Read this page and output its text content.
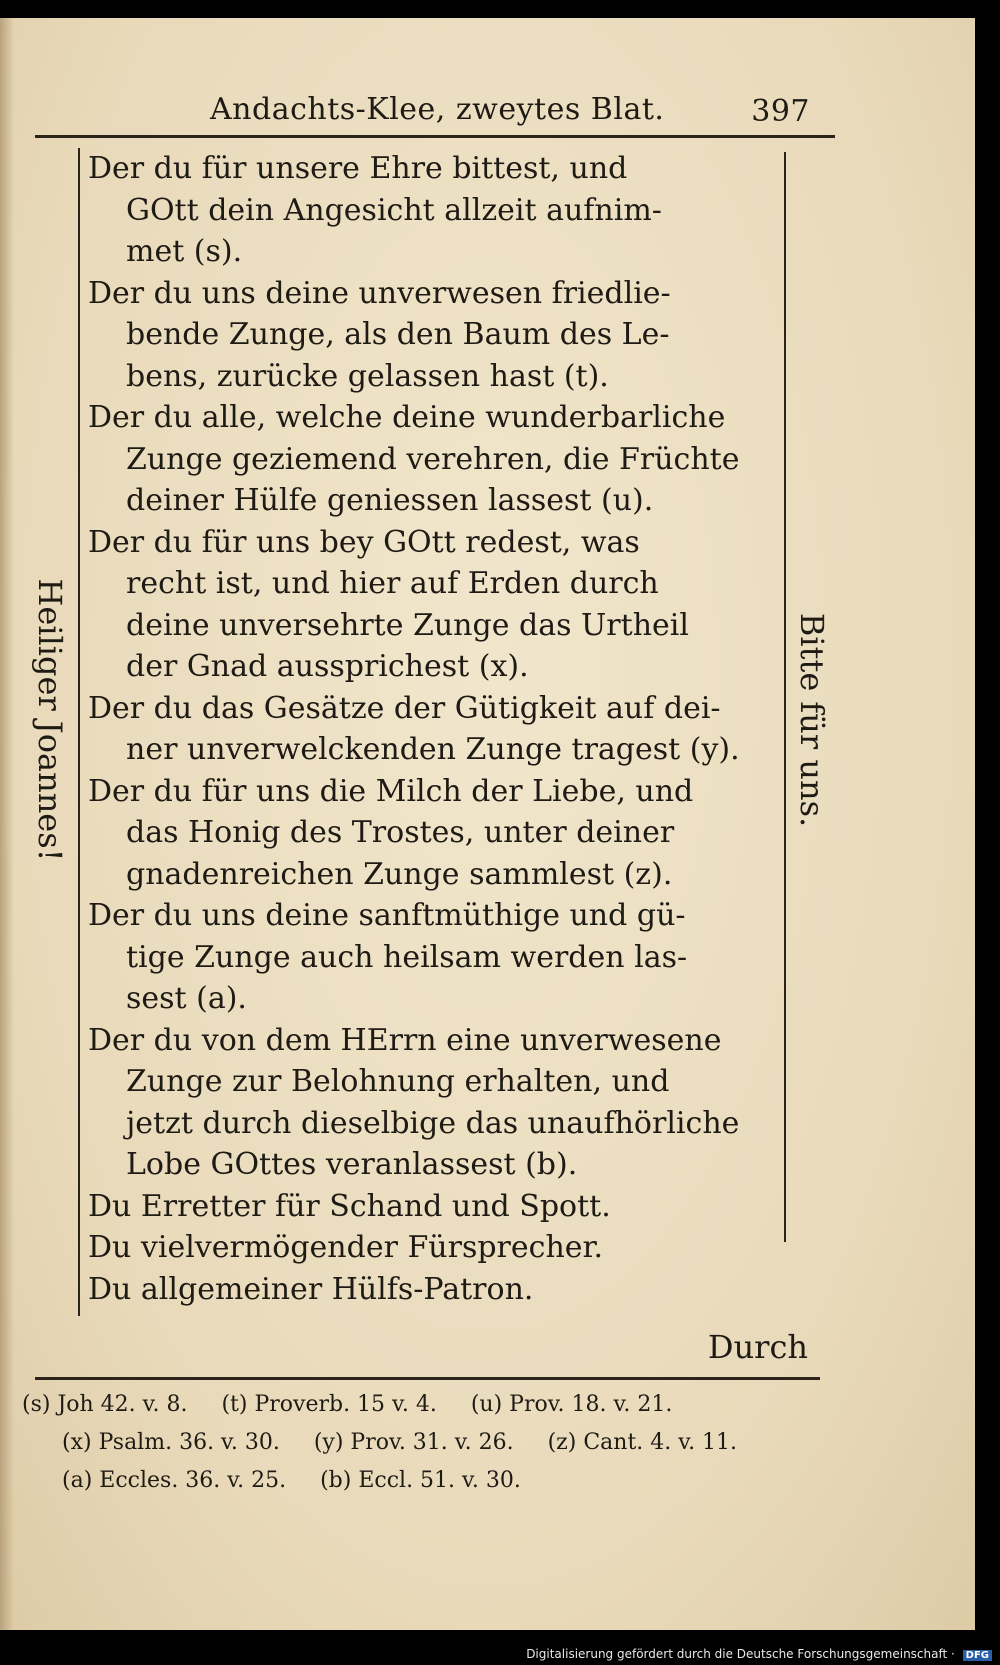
Andachts-Klee, zweytes Blat.	397
Heiliger Joannes!	Bitte für uns.
Der du für unsere Ehre bittest, und
GOtt dein Angesicht allzeit aufnim-
met (s).
Der du uns deine unverwesen friedlie-
bende Zunge, als den Baum des Le-
bens, zurücke gelassen hast (t).
Der du alle, welche deine wunderbarliche
Zunge geziemend verehren, die Früchte
deiner Hülfe geniessen lassest (u).
Der du für uns bey GOtt redest, was
recht ist, und hier auf Erden durch
deine unversehrte Zunge das Urtheil
der Gnad aussprichest (x).
Der du das Gesätze der Gütigkeit auf dei-
ner unverwelckenden Zunge tragest (y).
Der du für uns die Milch der Liebe, und
das Honig des Trostes, unter deiner
gnadenreichen Zunge sammlest (z).
Der du uns deine sanftmüthige und gü-
tige Zunge auch heilsam werden las-
sest (a).
Der du von dem HErrn eine unverwesene
Zunge zur Belohnung erhalten, und
jetzt durch dieselbige das unaufhörliche
Lobe GOttes veranlassest (b).
Du Erretter für Schand und Spott.
Du vielvermögender Fürsprecher.
Du allgemeiner Hülfs-Patron.
Durch
(s) Joh 42. v. 8. (t) Proverb. 15 v. 4. (u) Prov. 18. v. 21.
(x) Psalm. 36. v. 30. (y) Prov. 31. v. 26. (z) Cant. 4. v. 11.
(a) Eccles. 36. v. 25. (b) Eccl. 51. v. 30.
Digitalisierung gefördert durch die Deutsche Forschungsgemeinschaft · DFG
